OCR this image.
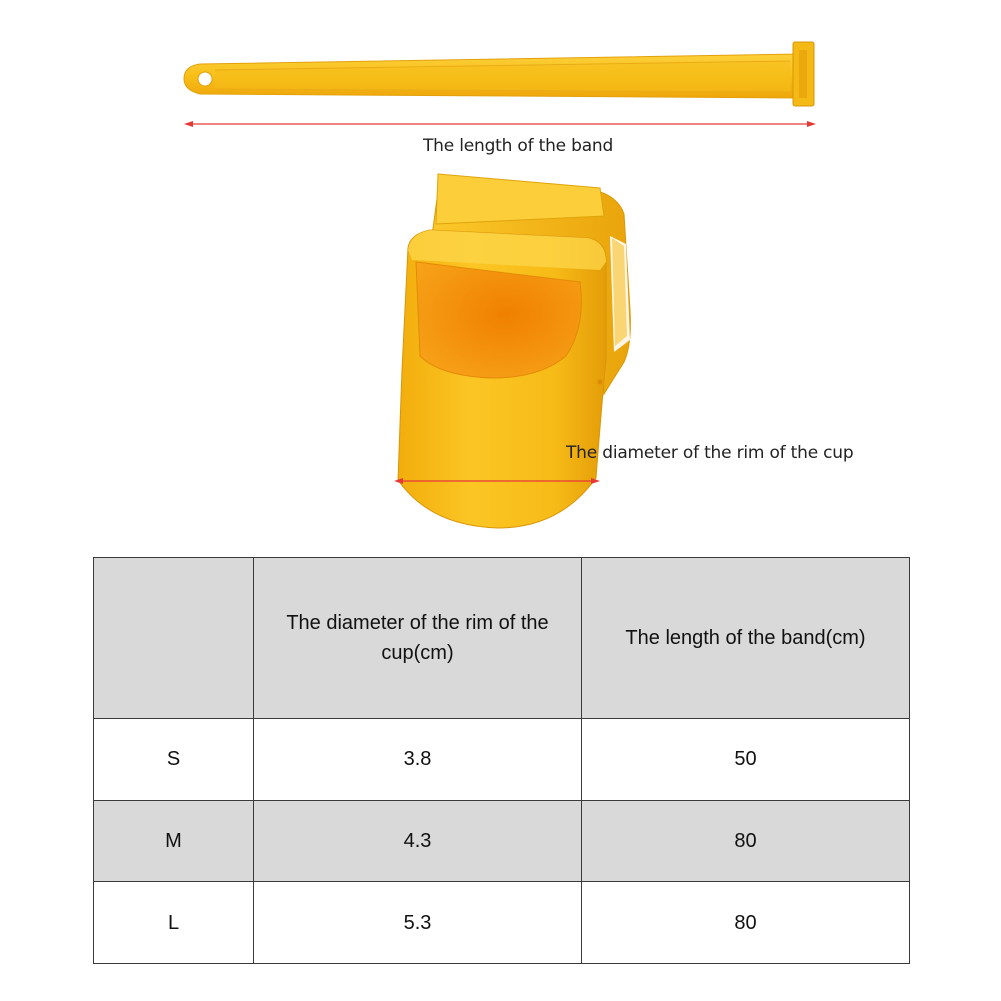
The length of the band
The diameter of the rim of the cup
	The diameter of the rim of the cup(cm)	The length of the band(cm)
S	3.8	50
M	4.3	80
L	5.3	80
